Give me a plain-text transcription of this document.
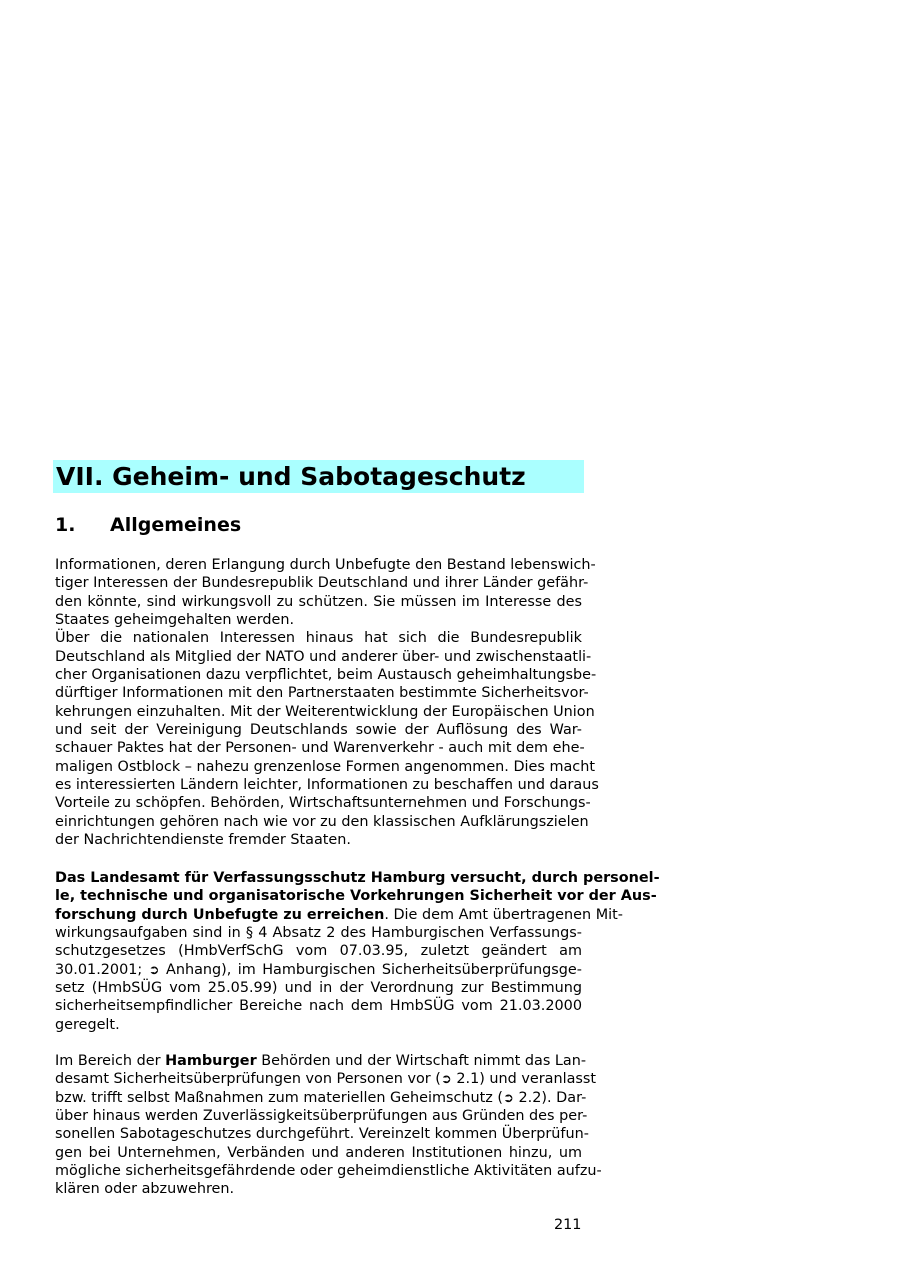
VII. Geheim- und Sabotageschutz
1. Allgemeines
Informationen, deren Erlangung durch Unbefugte den Bestand lebenswich-
tiger Interessen der Bundesrepublik Deutschland und ihrer Länder gefähr-
den könnte, sind wirkungsvoll zu schützen. Sie müssen im Interesse des
Staates geheimgehalten werden.
Über die nationalen Interessen hinaus hat sich die Bundesrepublik
Deutschland als Mitglied der NATO und anderer über- und zwischenstaatli-
cher Organisationen dazu verpflichtet, beim Austausch geheimhaltungsbe-
dürftiger Informationen mit den Partnerstaaten bestimmte Sicherheitsvor-
kehrungen einzuhalten. Mit der Weiterentwicklung der Europäischen Union
und seit der Vereinigung Deutschlands sowie der Auflösung des War-
schauer Paktes hat der Personen- und Warenverkehr - auch mit dem ehe-
maligen Ostblock – nahezu grenzenlose Formen angenommen. Dies macht
es interessierten Ländern leichter, Informationen zu beschaffen und daraus
Vorteile zu schöpfen. Behörden, Wirtschaftsunternehmen und Forschungs-
einrichtungen gehören nach wie vor zu den klassischen Aufklärungszielen
der Nachrichtendienste fremder Staaten.
Das Landesamt für Verfassungsschutz Hamburg versucht, durch personel-
le, technische und organisatorische Vorkehrungen Sicherheit vor der Aus-
forschung durch Unbefugte zu erreichen. Die dem Amt übertragenen Mit-
wirkungsaufgaben sind in § 4 Absatz 2 des Hamburgischen Verfassungs-
schutzgesetzes (HmbVerfSchG vom 07.03.95, zuletzt geändert am
30.01.2001; ➲ Anhang), im Hamburgischen Sicherheitsüberprüfungsge-
setz (HmbSÜG vom 25.05.99) und in der Verordnung zur Bestimmung
sicherheitsempfindlicher Bereiche nach dem HmbSÜG vom 21.03.2000
geregelt.
Im Bereich der Hamburger Behörden und der Wirtschaft nimmt das Lan-
desamt Sicherheitsüberprüfungen von Personen vor (➲ 2.1) und veranlasst
bzw. trifft selbst Maßnahmen zum materiellen Geheimschutz (➲ 2.2). Dar-
über hinaus werden Zuverlässigkeitsüberprüfungen aus Gründen des per-
sonellen Sabotageschutzes durchgeführt. Vereinzelt kommen Überprüfun-
gen bei Unternehmen, Verbänden und anderen Institutionen hinzu, um
mögliche sicherheitsgefährdende oder geheimdienstliche Aktivitäten aufzu-
klären oder abzuwehren.
211
